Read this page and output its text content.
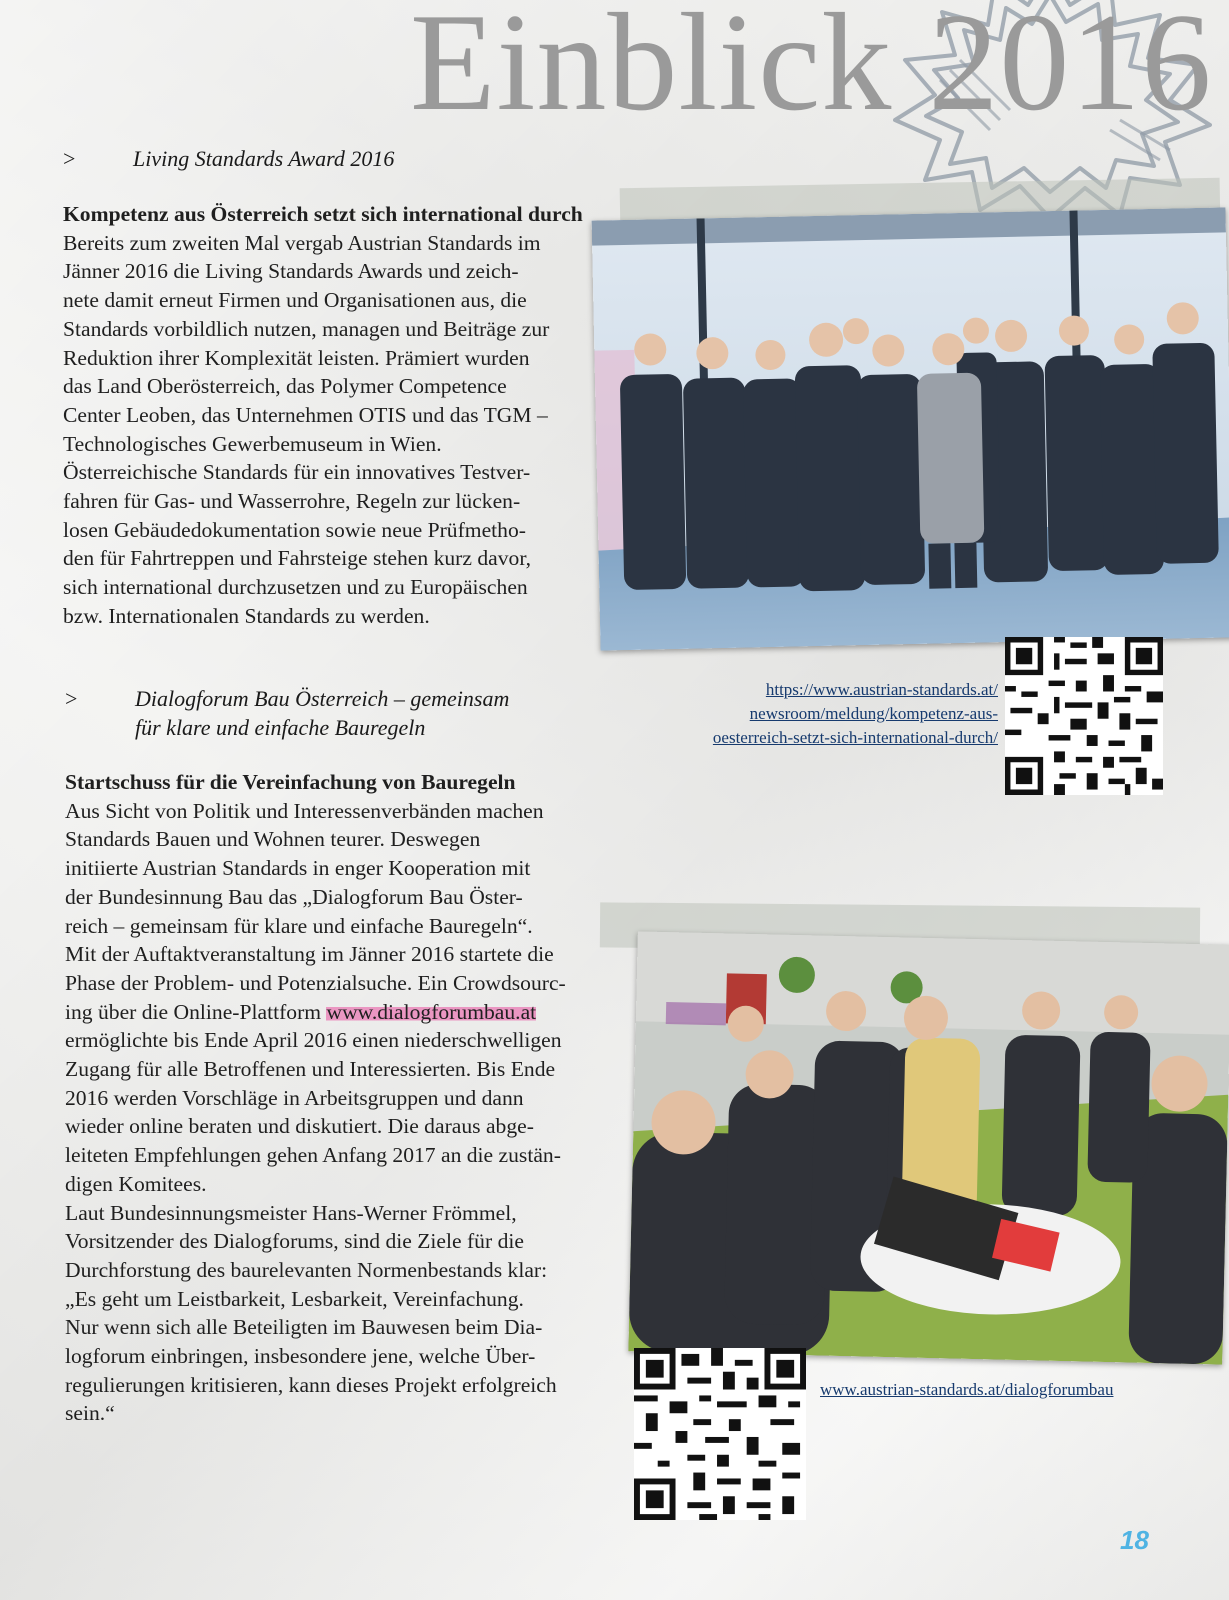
Einblick 2016
>	Living Standards Award 2016
Kompetenz aus Österreich setzt sich international durch
Bereits zum zweiten Mal vergab Austrian Standards im
Jänner 2016 die Living Standards Awards und zeich-
nete damit erneut Firmen und Organisationen aus, die
Standards vorbildlich nutzen, managen und Beiträge zur
Reduktion ihrer Komplexität leisten. Prämiert wurden
das Land Oberösterreich, das Polymer Competence
Center Leoben, das Unternehmen OTIS und das TGM –
Technologisches Gewerbemuseum in Wien.
Österreichische Standards für ein innovatives Testver-
fahren für Gas- und Wasserrohre, Regeln zur lücken-
losen Gebäudedokumentation sowie neue Prüfmetho-
den für Fahrtreppen und Fahrsteige stehen kurz davor,
sich international durchzusetzen und zu Europäischen
bzw. Internationalen Standards zu werden.
https://www.austrian-standards.at/
newsroom/meldung/kompetenz-aus-
oesterreich-setzt-sich-international-durch/
>	Dialogforum Bau Österreich – gemeinsam
für klare und einfache Bauregeln
Startschuss für die Vereinfachung von Bauregeln
Aus Sicht von Politik und Interessenverbänden machen
Standards Bauen und Wohnen teurer. Deswegen
initiierte Austrian Standards in enger Kooperation mit
der Bundesinnung Bau das „Dialogforum Bau Öster-
reich – gemeinsam für klare und einfache Bauregeln“.
Mit der Auftaktveranstaltung im Jänner 2016 startete die
Phase der Problem- und Potenzialsuche. Ein Crowdsourc-
ing über die Online-Plattform www.dialogforumbau.at
ermöglichte bis Ende April 2016 einen niederschwelligen
Zugang für alle Betroffenen und Interessierten. Bis Ende
2016 werden Vorschläge in Arbeitsgruppen und dann
wieder online beraten und diskutiert. Die daraus abge-
leiteten Empfehlungen gehen Anfang 2017 an die zustän-
digen Komitees.
Laut Bundesinnungsmeister Hans-Werner Frömmel,
Vorsitzender des Dialogforums, sind die Ziele für die
Durchforstung des baurelevanten Normenbestands klar:
„Es geht um Leistbarkeit, Lesbarkeit, Vereinfachung.
Nur wenn sich alle Beteiligten im Bauwesen beim Dia-
logforum einbringen, insbesondere jene, welche Über-
regulierungen kritisieren, kann dieses Projekt erfolgreich
sein.“
www.austrian-standards.at/dialogforumbau
18
